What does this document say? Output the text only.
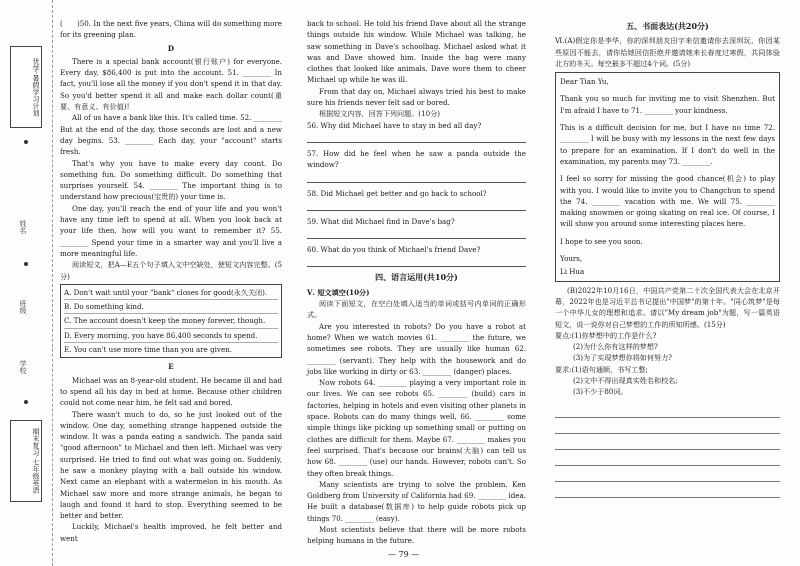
优学·暑假学习计划
姓名
班级
学校
期末复习·七年级英语

(　　)50. In the next five years, China will do something more for its greening plan.

D

There is a special bank account(银行账户) for everyone. Every day, $86,400 is put into the account. 51. ________ In fact, you'll lose all the money if you don't spend it in that day. So you'd better spend it all and make each dollar count(重要、有意义、有价值)!

All of us have a bank like this. It's called time. 52. ________ But at the end of the day, those seconds are lost and a new day begins. 53. ________ Each day, your "account" starts fresh.

That's why you have to make every day count. Do something fun. Do something difficult. Do something that surprises yourself. 54. ________ The important thing is to understand how precious(宝贵的) your time is.

One day, you'll reach the end of your life and you won't have any time left to spend at all. When you look back at your life then, how will you want to remember it? 55. ________ Spend your time in a smarter way and you'll live a more meaningful life.

阅读短文，把A—E五个句子填入文中空缺处，使短文内容完整。(5分)

A. Don't wait until your "bank" closes for good(永久关闭).
B. Do something kind.
C. The account doesn't keep the money forever, though.
D. Every morning, you have 86,400 seconds to spend.
E. You can't use more time than you are given.
E

Michael was an 8-year-old student. He became ill and had to spend all his day in bed at home. Because other children could not come near him, he felt sad and bored.

There wasn't much to do, so he just looked out of the window. One day, something strange happened outside the window. It was a panda eating a sandwich. The panda said "good afternoon" to Michael and then left. Michael was very surprised. He tried to find out what was going on. Suddenly, he saw a monkey playing with a ball outside his window. Next came an elephant with a watermelon in his mouth. As Michael saw more and more strange animals, he began to laugh and found it hard to stop. Everything seemed to be better and better.

Luckily, Michael's health improved, he felt better and went

back to school. He told his friend Dave about all the strange things outside his window. While Michael was talking, he saw something in Dave's schoolbag. Michael asked what it was and Dave showed him. Inside the bag were many clothes that looked like animals. Dave wore them to cheer Michael up while he was ill.

From that day on, Michael always tried his best to make sure his friends never felt sad or bored.

根据短文内容，回答下列问题。(10分)

56. Why did Michael have to stay in bed all day?

57. How did he feel when he saw a panda outside the window?

58. Did Michael get better and go back to school?

59. What did Michael find in Dave's bag?

60. What do you think of Michael's friend Dave?

四、语言运用(共10分)
Ⅴ. 短文填空(10分)

阅读下面短文，在空白处填入适当的单词或括号内单词的正确形式。

Are you interested in robots? Do you have a robot at home? When we watch movies 61. ________ the future, we sometimes see robots. They are usually like human 62. ________ (servant). They help with the housework and do jobs like working in dirty or 63. ________ (danger) places.

Now robots 64. ________ playing a very important role in our lives. We can see robots 65. ________ (build) cars in factories, helping in hotels and even visiting other planets in space. Robots can do many things well, 66. ________ some simple things like picking up something small or putting on clothes are difficult for them. Maybe 67. ________ makes you feel surprised. That's because our brains(大脑) can tell us how 68. ________ (use) our hands. However, robots can't. So they often break things.

Many scientists are trying to solve the problem. Ken Goldberg from University of California had 69. ________ idea. He built a database(数据库) to help guide robots pick up things 70. ________ (easy).

Most scientists believe that there will be more robots helping humans in the future.

五、书面表达(共20分)

Ⅵ.(A)假定你是李华，你的深圳朋友田宇来信邀请你去深圳玩，你因某些原因不能去，请你给她回信拒绝并邀请她来长春度过寒假，共同体验北方的冬天。每空最多不超过4个词。(5分)

Dear Tian Yu,

Thank you so much for inviting me to visit Shenzhen. But I'm afraid I have to 71. ________ your kindness.

This is a difficult decision for me, but I have no time 72. ________ I will be busy with my lessons in the next few days to prepare for an examination. If I don't do well in the examination, my parents may 73. ________.

I feel so sorry for missing the good chance(机会) to play with you. I would like to invite you to Changchun to spend the 74. ________ vacation with me. We will 75. ________ making snowmen or going skating on real ice. Of course, I will show you around some interesting places here.

I hope to see you soon.

Yours,

Li Hua

(B)2022年10月16日，中国共产党第二十次全国代表大会在北京开幕，2022年也是习近平总书记提出"中国梦"的第十年。"同心筑梦"是每一个中华儿女的理想和追求。请以"My dream job"为题，写一篇英语短文，说一说你对自己梦想的工作的所知所感。(15分)

要点:(1)你梦想中的工作是什么?

(2)为什么你有这样的梦想?

(3)为了实现梦想你将如何努力?

要求:(1)语句通顺，书写工整;

(2)文中不得出现真实姓名和校名;

(3)不少于80词。

— 79 —
